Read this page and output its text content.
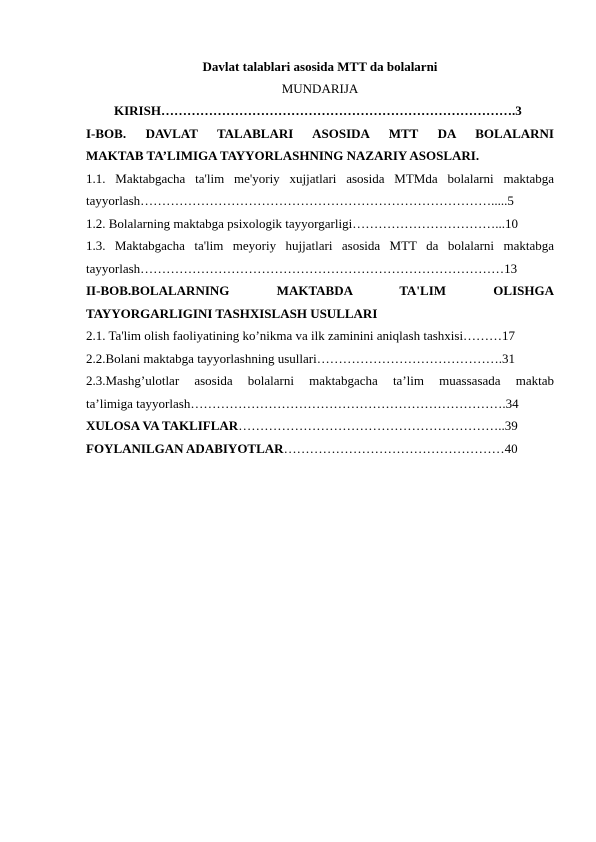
Davlat talablari asosida MTT da bolalarni
MUNDARIJA
KIRISH……………………………………………………………………….3
I-BOB. DAVLAT TALABLARI ASOSIDA MTT DA BOLALARNI
MAKTAB TA’LIMIGA TAYYORLASHNING NAZARIY ASOSLARI.
1.1. Maktabgacha ta'lim me'yoriy xujjatlari asosida MTMda bolalarni maktabga
tayyorlash……………………………………………………………………….....5
1.2. Bolalarning maktabga psixologik tayyorgarligi……………………………...10
1.3. Maktabgacha ta'lim meyoriy hujjatlari asosida MTT da bolalarni maktabga
tayyorlash…………………………………………………………………………13
II-BOB.BOLALARNING MAKTABDA TA'LIM OLISHGA
TAYYORGARLIGINI TASHXISLASH USULLARI
2.1. Ta'lim olish faoliyatining ko’nikma va ilk zaminini aniqlash tashxisi………17
2.2.Bolani maktabga tayyorlashning usullari…………………………………….31
2.3.Mashg’ulotlar asosida bolalarni maktabgacha ta’lim muassasada maktab
ta’limiga tayyorlash……………………………………………………………….34
XULOSA VA TAKLIFLAR……………………………………………………..39
FOYLANILGAN ADABIYOTLAR……………………………………………40
